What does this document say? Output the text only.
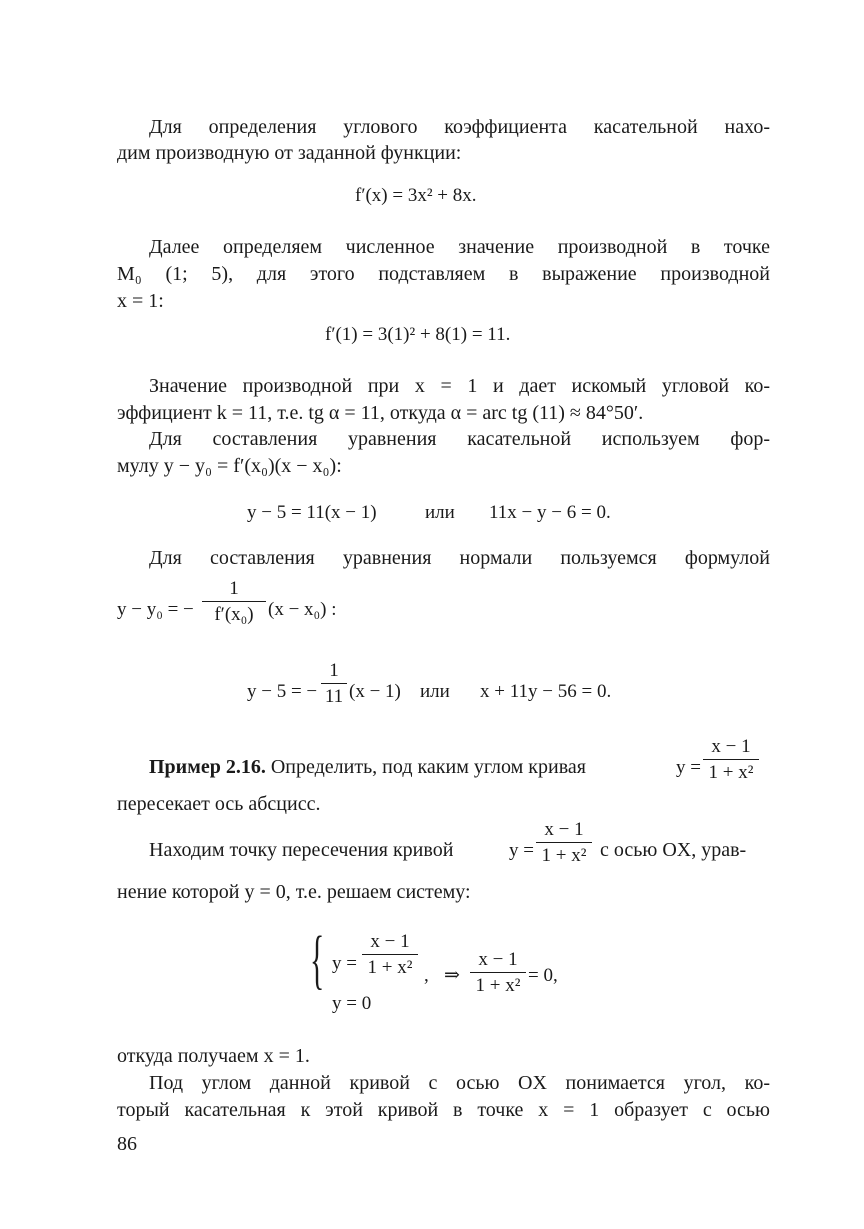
Для определения углового коэффициента касательной нахо-
дим производную от заданной функции:
f′(x) = 3x² + 8x.
Далее определяем численное значение производной в точке
M₀ (1; 5), для этого подставляем в выражение производной
x = 1:
f′(1) = 3(1)² + 8(1) = 11.
Значение производной при x = 1 и дает искомый угловой ко-
эффициент k = 11, т.е. tg α = 11, откуда α = arc tg (11) ≈ 84°50′.
Для составления уравнения касательной используем фор-
мулу y − y₀ = f′(x₀)(x − x₀):
y − 5 = 11(x − 1)	или 11x − y − 6 = 0.
Для составления уравнения нормали пользуемся формулой
y − y₀ = −
1
f′(x₀) (x − x₀) :
y − 5 = −
1
11 (x − 1) или x + 11y − 56 = 0.
Пример 2.16. Определить, под каким углом кривая	y =
x − 1
1 + x²
пересекает ось абсцисс.
Находим точку пересечения кривой	y =
x − 1
1 + x² с осью OX, урав-
нение которой y = 0, т.е. решаем систему:
{ y =
x − 1
1 + x² , ⇒
x − 1
1 + x² = 0,
y = 0
откуда получаем x = 1.
Под углом данной кривой с осью OX понимается угол, ко-
торый касательная к этой кривой в точке x = 1 образует с осью
86
